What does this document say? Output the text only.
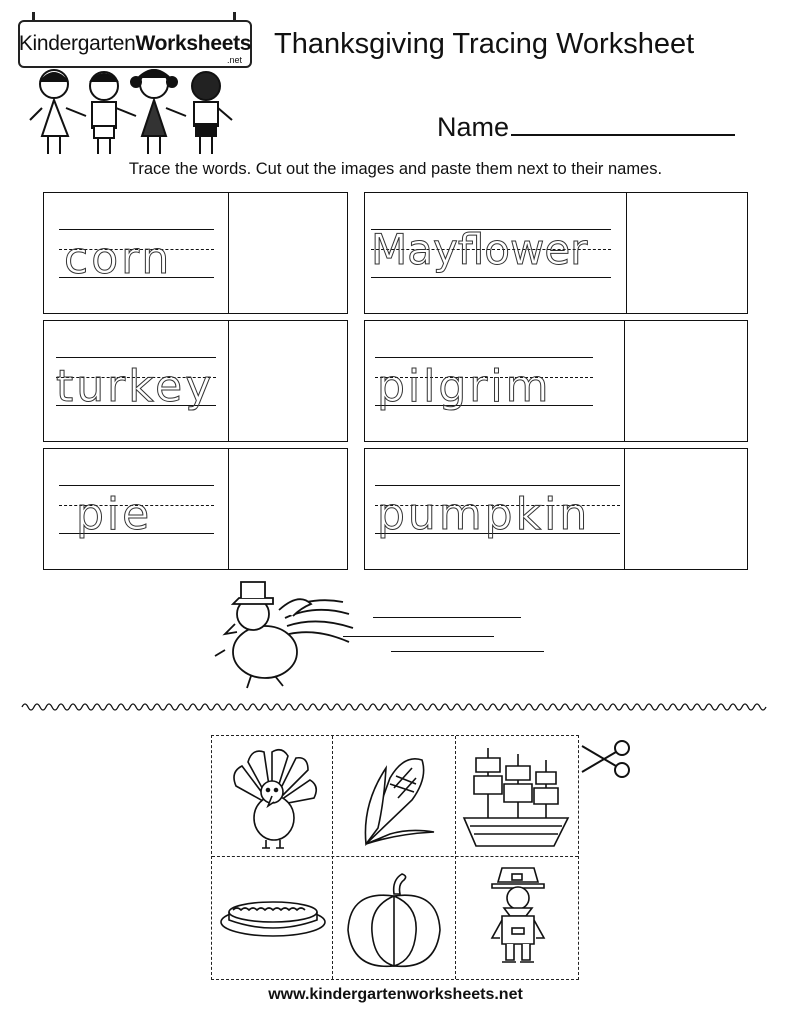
KindergartenWorksheets
.net Thanksgiving Tracing Worksheet
Name
Trace the words. Cut out the images and paste them next to their names.
corn	Mayflower
turkey	pilgrim
pie	pumpkin
www.kindergartenworksheets.net
